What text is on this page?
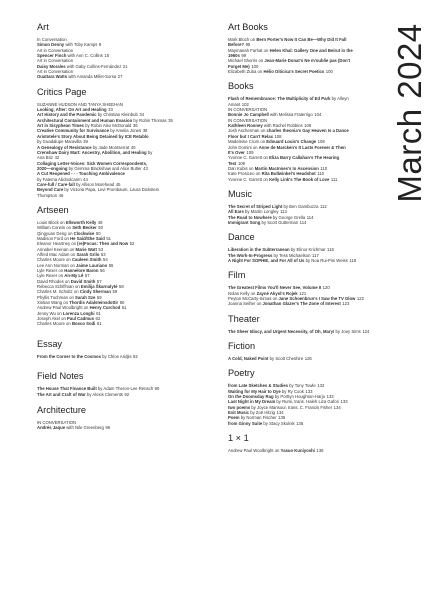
March 2024
Art
In Conversation
Simon Denny with Toby Kamps 9
Art in Conversation
Spencer Finch with Ann C. Collins 15
Art in Conversation
Daisy Morales with Gaby Collins-Fernández 21
Art in Conversation
Ouattara Watts with Amanda Millet-Sorsa 27
Critics Page
SUZANNE HUDSON AND TANYA SHEEHAN
Looking, After: On Art and Healing 33
Art History and the Pandemic by Christian Kleinbub 34
Architectural Containment and Human Evasion by Robin Thomas 35
Art in Sisyphean Times by Robin Alex McDonald 36
Creative Community for Survivance by Amelia Jones 38
Aristotele's Story About Being Detained by ICE Retablo
by Guadalupe Maravilla 39
A Genealogy of Resistance by Jade Montserrat 40
Crenshaw Dairy Mart: Ancestry, Abolition, and Healing by
Ana Briz 42
Collaging Letter-Voices: Sick Women Correspondents,
2020—ongoing by Gemma Blackshaw and Alice Butler 43
A Cut Reopened - - - Touching Ambivalence
by Fatema Abdoolcarim 44
Care-full / Care-fall by Allison Morehead 45
Beyond Care by Victoria Papa, Levi Prombaum, Laura Dickstein
Thompson 46
Artseen
Louis Block on Ellsworth Kelly 48
William Corwin on Seth Becker 50
Qingyuan Deng on Clockwise 50
Madison Ford on He Said/She Said 51
Eleanor Heartney on (re)Focus: Then and Now 52
Annabel Keenan on Marie Watt 53
Alfred Mac Adam on Sarah Grilo 53
Charles Moore on Cauleen Smith 54
Lee Ann Norman on Jaime Lauriano 55
Lyle Rexer on Hannelore Baron 56
Lyle Rexer on An-My Lê 57
David Rhodes on David Smith 57
Rebecca Schiffman on Emilija Škarnulytė 58
Charles M. Schultz on Cindy Sherman 59
Phyllis Tuchman on Sarah Sze 59
Xintian Wang on Thordis Adalsteinsdottir 60
Andrew Paul Woolbright on Henry Curchod 61
Jenny Wu on Lorenza Longhi 61
Joseph Akel on Paul Cadmus 62
Charles Moore on Bosco Sodi 61
Essay
From the Corner to the Cosmos by Chloe Aridjis 62
Field Notes
The House That Finance Built by Adam Theron-Lee Rensch 90
The Art and Craft of War by Alexis Clements 92
Architecture
IN CONVERSATION
Andrés Jaque with Nile Greenberg 96
Art Books
Mark Bloch on Bern Porter's Now It Can Be—Why Did It Fall
Before? 95
Maymanah Farhat on Helen Khal: Gallery One and Beirut in the
1960s 99
Michael Shorris on Jean-Marie Donat's Ne m'oublie pas (Don't
Forget Me) 100
Elizabeth Zuba on Hélio Oiticica's Secret Poetics 100
Books
Flash of Remembrance: The Multiplicity of Ed Park by Alleyn
Amant 102
IN CONVERSATION
Bonnie Jo Campbell with Melissa Fraterrigo 104
IN CONVERSATION
Kathleen Rooney with Rachel Robbins 106
Josh Ascherman on charles theonia's Gay Heaven Is a Dance
Floor but I Can't Relax 108
Madeleine Crum on Edouard Louis's Change 108
John Domini on Anne de Marcken's It Lasts Forever & Then
It's Over 109
Yvonne C. Garrett on Eliza Barry Callahan's The Hearing
Test 109
Dan Kubis on Martin MacInnes's In Ascension 110
Kate Prosiceo on Rita Bullwinkel's Headshot 110
Yvonne C. Garrett on Kelly Link's The Book of Love 111
Music
The Secret of Striped Light by Ben Gambuzza 112
All Ears by Martin Longley 113
The Road to Nowhere by George Grella 114
Immigrant Song by Scott Gutterman 114
Dance
Liberation in the Subterranean by Elinor Krichmar 116
The Work-In-Progress by Tess Michaelson 117
A Night For SOPHIE, and For All of Us by Noa Rui-Pini Weiss 118
Film
The Greatest Films You'll Never See, Volume II 120
Nolan Kelly on Zayné Akyol's Rojek 121
Peyton McCarty-Simas on Jane Schoenbrun's I Saw the TV Glow 122
Joanna Seifter on Jonathan Glazer's The Zone of Interest 123
Theater
The Sheer Idiocy, and Urgent Necessity, of Oh, Mary! by Joey Sims 124
Fiction
A Cold, Naked Point by Scott Cheshire 126
Poetry
from Late Sketches & Studies by Tony Towle 132
Waiting for My Hair to Dye by Ry Cook 133
On the Doomsday Rag by Porttyn Houghton-Harjo 133
Last Night in My Dream by Rumi, trans. Haleh Liza Gafori 133
two poems by Joyce Mansour, trans. C. Francis Fisher 134
Exit Music by Zoë Hitzig 134
Poem by Norman Fischer 135
from Ginny Suite by Stacy Skolnik 135
1 × 1
Andrew Paul Woolbright on Yasuo Kuniyoshi 136
